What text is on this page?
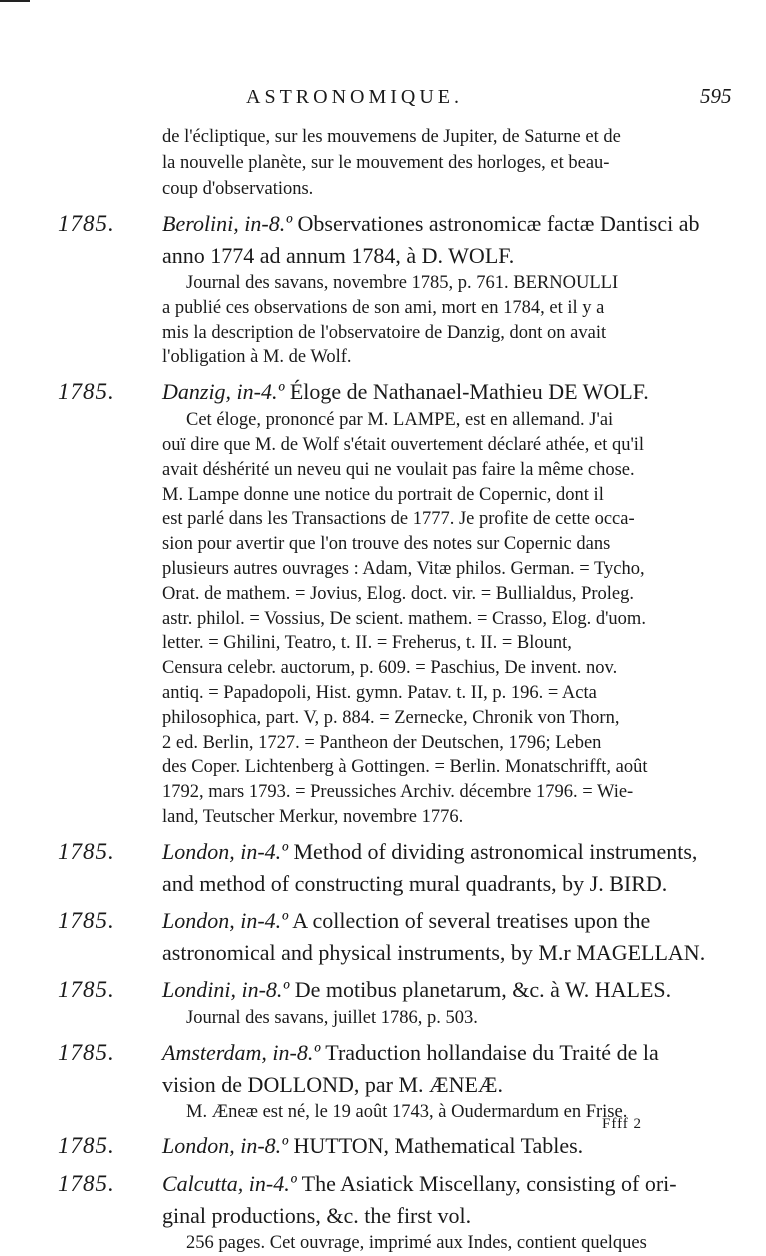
ASTRONOMIQUE.	595
de l'écliptique, sur les mouvemens de Jupiter, de Saturne et de
la nouvelle planète, sur le mouvement des horloges, et beau-
coup d'observations.
1785. Berolini, in-8.º Observationes astronomicæ factæ Dantisci ab
anno 1774 ad annum 1784, à D. WOLF.
Journal des savans, novembre 1785, p. 761. BERNOULLI
a publié ces observations de son ami, mort en 1784, et il y a
mis la description de l'observatoire de Danzig, dont on avait
l'obligation à M. de Wolf.
1785. Danzig, in-4.º Éloge de Nathanael-Mathieu DE WOLF.
Cet éloge, prononcé par M. LAMPE, est en allemand. J'ai
ouï dire que M. de Wolf s'était ouvertement déclaré athée, et qu'il
avait déshérité un neveu qui ne voulait pas faire la même chose.
M. Lampe donne une notice du portrait de Copernic, dont il
est parlé dans les Transactions de 1777. Je profite de cette occa-
sion pour avertir que l'on trouve des notes sur Copernic dans
plusieurs autres ouvrages : Adam, Vitæ philos. German. = Tycho,
Orat. de mathem. = Jovius, Elog. doct. vir. = Bullialdus, Proleg.
astr. philol. = Vossius, De scient. mathem. = Crasso, Elog. d'uom.
letter. = Ghilini, Teatro, t. II. = Freherus, t. II. = Blount,
Censura celebr. auctorum, p. 609. = Paschius, De invent. nov.
antiq. = Papadopoli, Hist. gymn. Patav. t. II, p. 196. = Acta
philosophica, part. V, p. 884. = Zernecke, Chronik von Thorn,
2 ed. Berlin, 1727. = Pantheon der Deutschen, 1796; Leben
des Coper. Lichtenberg à Gottingen. = Berlin. Monatschrifft, août
1792, mars 1793. = Preussiches Archiv. décembre 1796. = Wie-
land, Teutscher Merkur, novembre 1776.
1785. London, in-4.º Method of dividing astronomical instruments,
and method of constructing mural quadrants, by J. BIRD.
1785. London, in-4.º A collection of several treatises upon the
astronomical and physical instruments, by M.r MAGELLAN.
1785. Londini, in-8.º De motibus planetarum, &c. à W. HALES.
Journal des savans, juillet 1786, p. 503.
1785. Amsterdam, in-8.º Traduction hollandaise du Traité de la
vision de DOLLOND, par M. ÆNEÆ.
M. Æneæ est né, le 19 août 1743, à Oudermardum en Frise.
1785. London, in-8.º HUTTON, Mathematical Tables.
1785. Calcutta, in-4.º The Asiatick Miscellany, consisting of ori-
ginal productions, &c. the first vol.
256 pages. Cet ouvrage, imprimé aux Indes, contient quelques
Ffff 2
